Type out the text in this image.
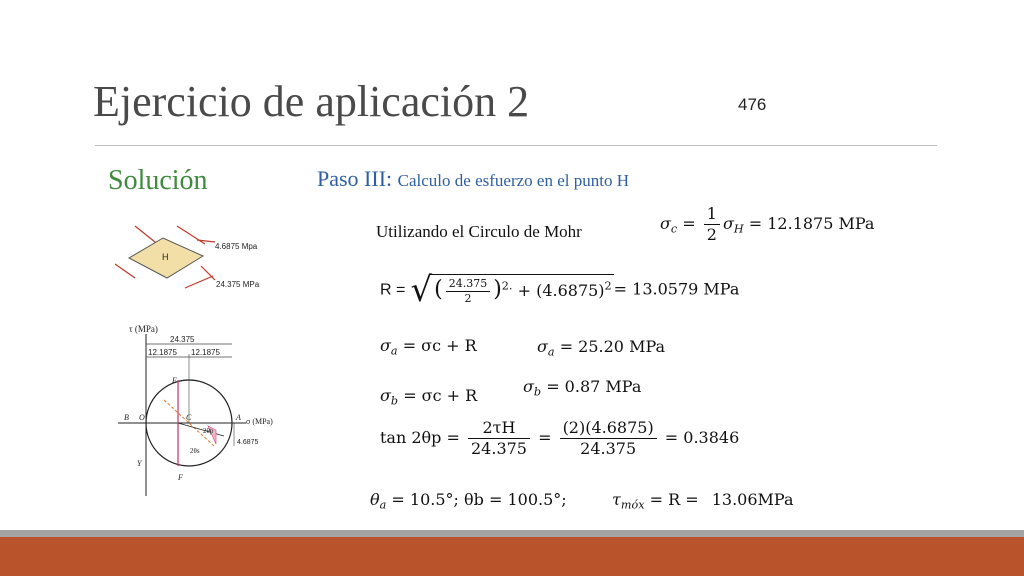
Ejercicio de aplicación 2	476
Solución	Paso III: Calculo de esfuerzo en el punto H
Utilizando el Circulo de Mohr
H
4.6875 Mpa
24.375 MPa
τ (MPa)
σ (MPa)
24.375
12.1875 12.1875
B O	C	A
E
F
Y
2θp
2θs
4.6875
$\sigma_c = \frac{1}{2} \sigma_H = 12.1875$ MPa
R = √( $\frac{24.375}{2} )^{2.} + (4.6875)^2 = 13.0579$ MPa
$\sigma_a = \sigma c + R$	$\sigma_a = 25.20$ MPa
$\sigma_b = \sigma c + R$	$\sigma_b = 0.87$ MPa
$\tan 2\theta p = \frac{2\tau H}{24.375} = \frac{(2)(4.6875)}{24.375} = 0.3846$
$\theta_a = 10.5^\circ$; θb = 100.5°;	$\tau_{mόx} = R = 13.06MPa$
